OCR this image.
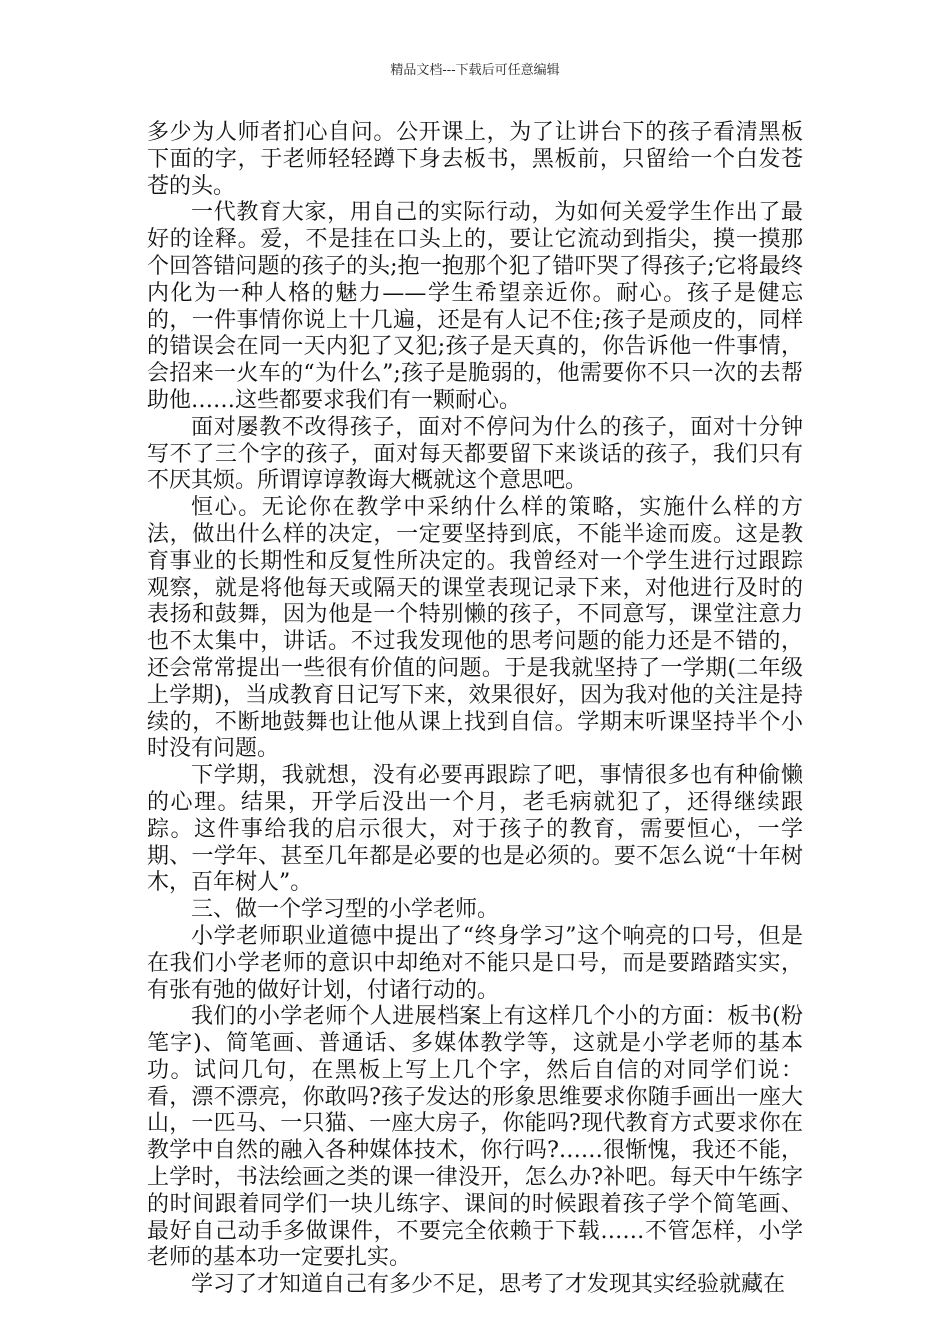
精品文档---下载后可任意编辑

多少为人师者扪心自问。公开课上，为了让讲台下的孩子看清黑板下面的字，于老师轻轻蹲下身去板书，黑板前，只留给一个白发苍苍的头。

一代教育大家，用自己的实际行动，为如何关爱学生作出了最好的诠释。爱，不是挂在口头上的，要让它流动到指尖，摸一摸那个回答错问题的孩子的头;抱一抱那个犯了错吓哭了得孩子;它将最终内化为一种人格的魅力——学生希望亲近你。耐心。孩子是健忘的，一件事情你说上十几遍，还是有人记不住;孩子是顽皮的，同样的错误会在同一天内犯了又犯;孩子是天真的，你告诉他一件事情，会招来一火车的“为什么”;孩子是脆弱的，他需要你不只一次的去帮助他……这些都要求我们有一颗耐心。

面对屡教不改得孩子，面对不停问为什么的孩子，面对十分钟写不了三个字的孩子，面对每天都要留下来谈话的孩子，我们只有不厌其烦。所谓谆谆教诲大概就这个意思吧。

恒心。无论你在教学中采纳什么样的策略，实施什么样的方法，做出什么样的决定，一定要坚持到底，不能半途而废。这是教育事业的长期性和反复性所决定的。我曾经对一个学生进行过跟踪观察，就是将他每天或隔天的课堂表现记录下来，对他进行及时的表扬和鼓舞，因为他是一个特别懒的孩子，不同意写，课堂注意力也不太集中，讲话。不过我发现他的思考问题的能力还是不错的，还会常常提出一些很有价值的问题。于是我就坚持了一学期(二年级上学期)，当成教育日记写下来，效果很好，因为我对他的关注是持续的，不断地鼓舞也让他从课上找到自信。学期末听课坚持半个小时没有问题。

下学期，我就想，没有必要再跟踪了吧，事情很多也有种偷懒的心理。结果，开学后没出一个月，老毛病就犯了，还得继续跟踪。这件事给我的启示很大，对于孩子的教育，需要恒心，一学期、一学年、甚至几年都是必要的也是必须的。要不怎么说“十年树木，百年树人”。

三、做一个学习型的小学老师。

小学老师职业道德中提出了“终身学习”这个响亮的口号，但是在我们小学老师的意识中却绝对不能只是口号，而是要踏踏实实，有张有弛的做好计划，付诸行动的。

我们的小学老师个人进展档案上有这样几个小的方面：板书(粉笔字)、简笔画、普通话、多媒体教学等，这就是小学老师的基本功。试问几句，在黑板上写上几个字，然后自信的对同学们说：看，漂不漂亮，你敢吗?孩子发达的形象思维要求你随手画出一座大山，一匹马、一只猫、一座大房子，你能吗?现代教育方式要求你在教学中自然的融入各种媒体技术，你行吗?……很惭愧，我还不能，上学时，书法绘画之类的课一律没开，怎么办?补吧。每天中午练字的时间跟着同学们一块儿练字、课间的时候跟着孩子学个简笔画、最好自己动手多做课件，不要完全依赖于下载……不管怎样，小学老师的基本功一定要扎实。

学习了才知道自己有多少不足，思考了才发现其实经验就藏在
